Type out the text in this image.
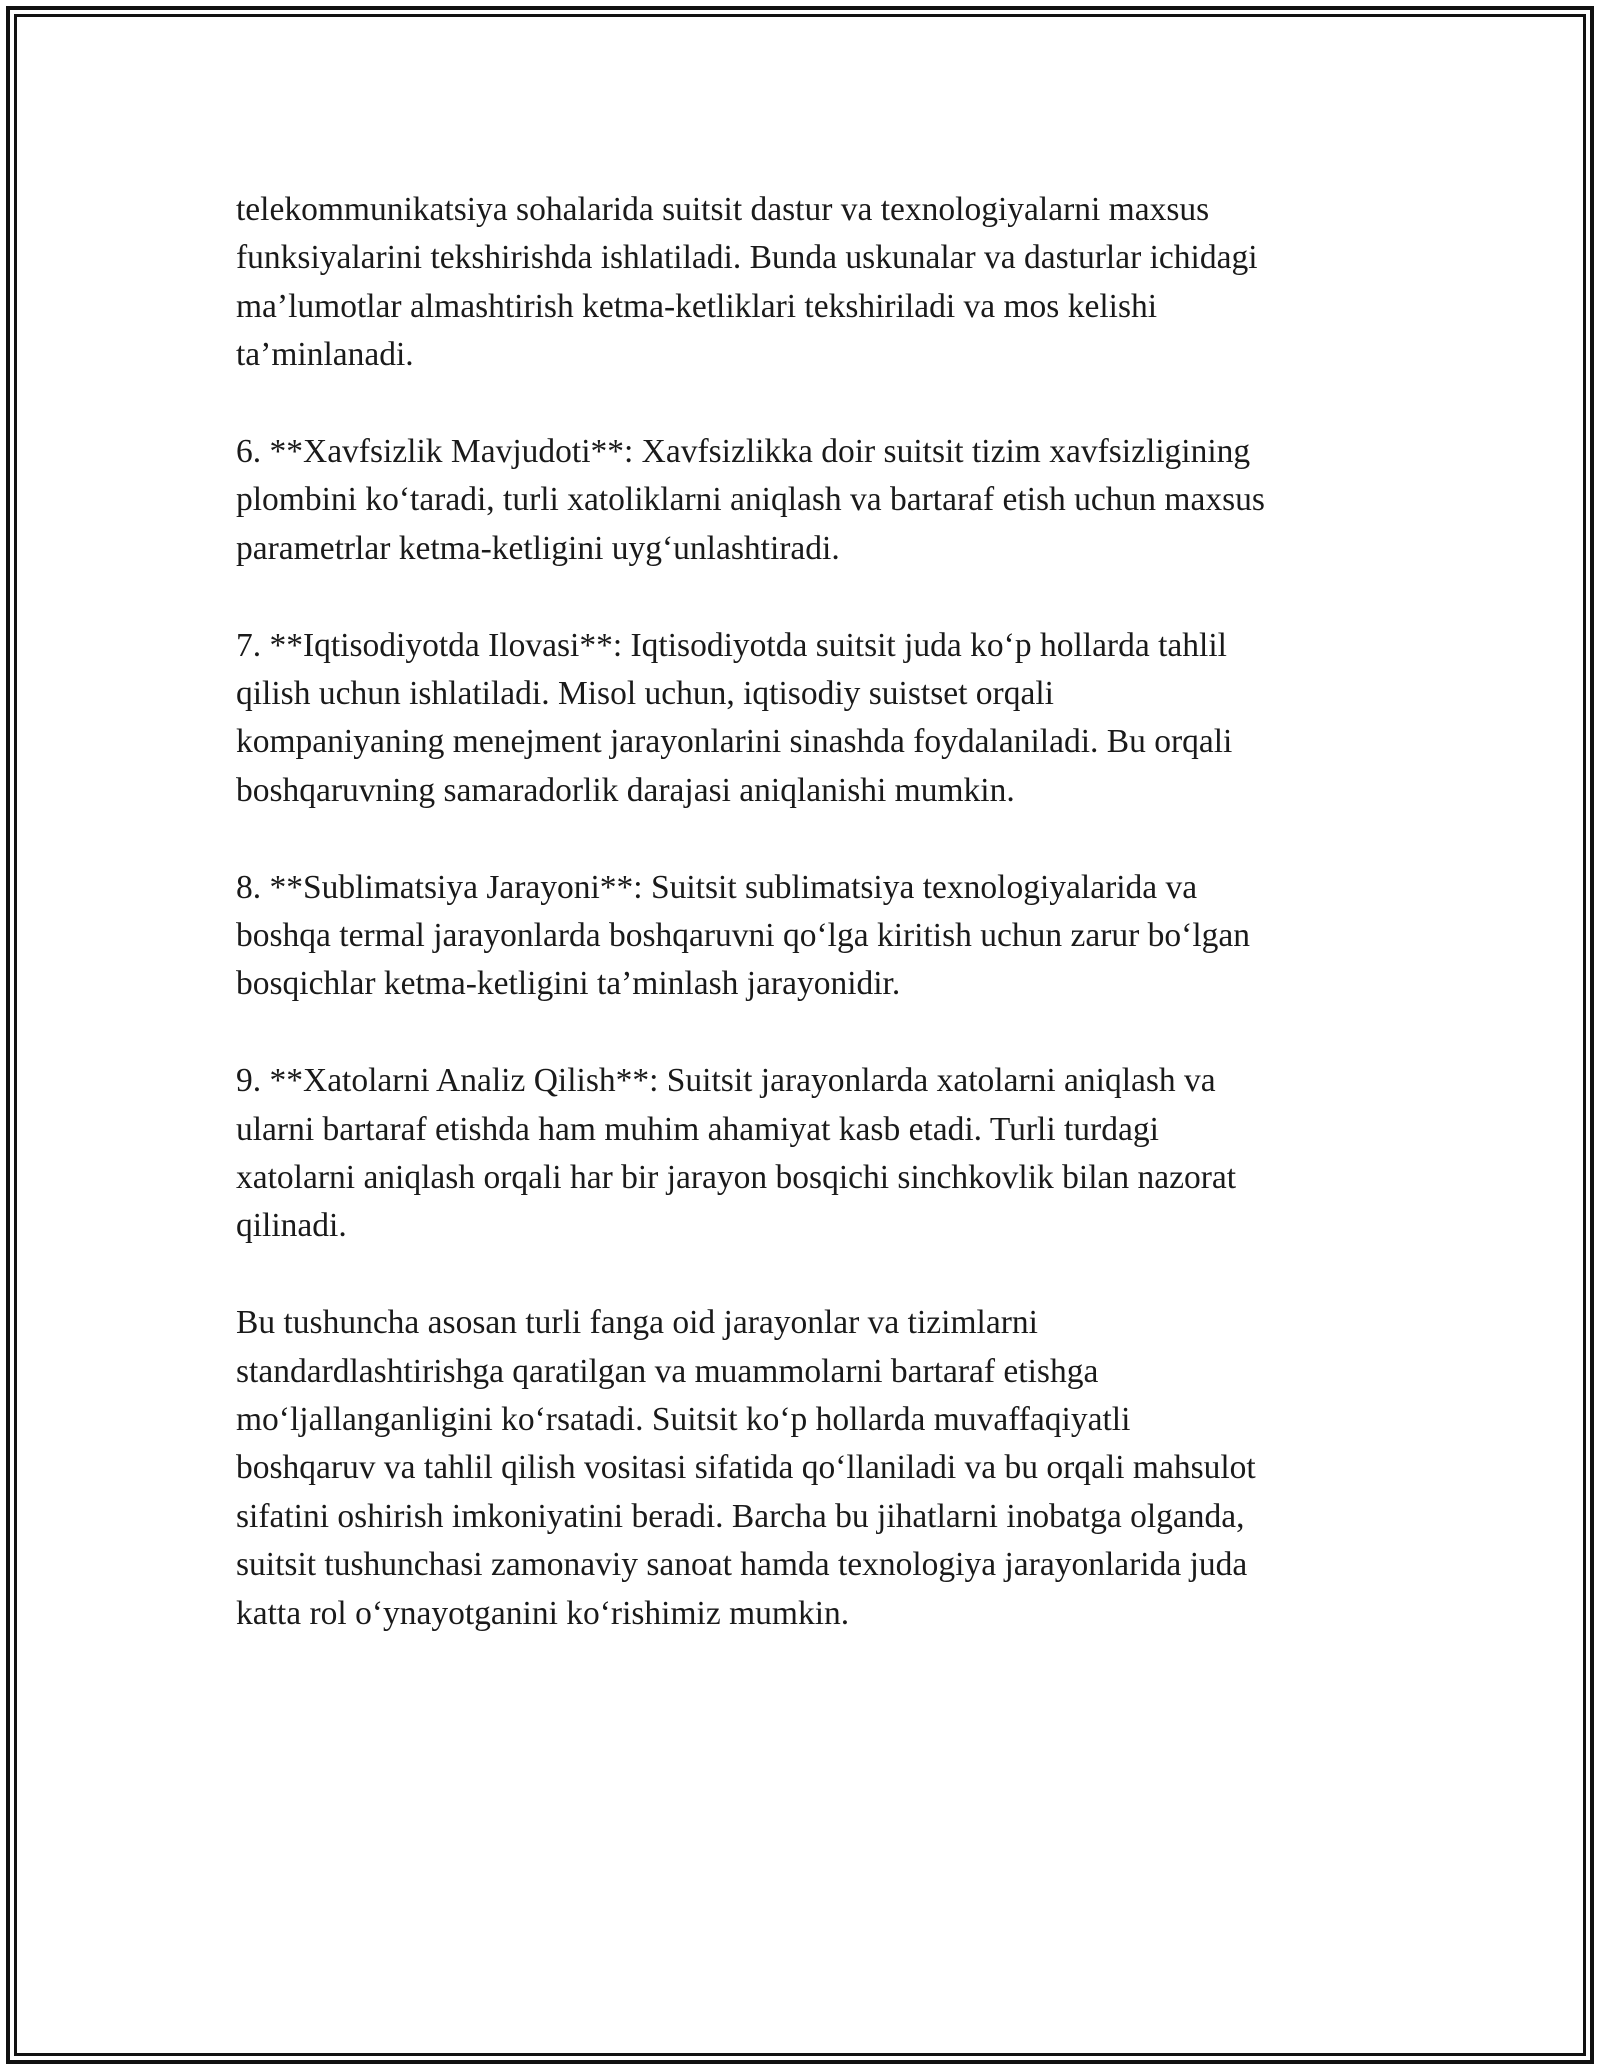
telekommunikatsiya sohalarida suitsit dastur va texnologiyalarni maxsus
funksiyalarini tekshirishda ishlatiladi. Bunda uskunalar va dasturlar ichidagi
ma’lumotlar almashtirish ketma-ketliklari tekshiriladi va mos kelishi
ta’minlanadi.

6. **Xavfsizlik Mavjudoti**: Xavfsizlikka doir suitsit tizim xavfsizligining
plombini ko‘taradi, turli xatoliklarni aniqlash va bartaraf etish uchun maxsus
parametrlar ketma-ketligini uyg‘unlashtiradi.

7. **Iqtisodiyotda Ilovasi**: Iqtisodiyotda suitsit juda ko‘p hollarda tahlil
qilish uchun ishlatiladi. Misol uchun, iqtisodiy suistset orqali
kompaniyaning menejment jarayonlarini sinashda foydalaniladi. Bu orqali
boshqaruvning samaradorlik darajasi aniqlanishi mumkin.

8. **Sublimatsiya Jarayoni**: Suitsit sublimatsiya texnologiyalarida va
boshqa termal jarayonlarda boshqaruvni qo‘lga kiritish uchun zarur bo‘lgan
bosqichlar ketma-ketligini ta’minlash jarayonidir.

9. **Xatolarni Analiz Qilish**: Suitsit jarayonlarda xatolarni aniqlash va
ularni bartaraf etishda ham muhim ahamiyat kasb etadi. Turli turdagi
xatolarni aniqlash orqali har bir jarayon bosqichi sinchkovlik bilan nazorat
qilinadi.

Bu tushuncha asosan turli fanga oid jarayonlar va tizimlarni
standardlashtirishga qaratilgan va muammolarni bartaraf etishga
mo‘ljallanganligini ko‘rsatadi. Suitsit ko‘p hollarda muvaffaqiyatli
boshqaruv va tahlil qilish vositasi sifatida qo‘llaniladi va bu orqali mahsulot
sifatini oshirish imkoniyatini beradi. Barcha bu jihatlarni inobatga olganda,
suitsit tushunchasi zamonaviy sanoat hamda texnologiya jarayonlarida juda
katta rol o‘ynayotganini ko‘rishimiz mumkin.
